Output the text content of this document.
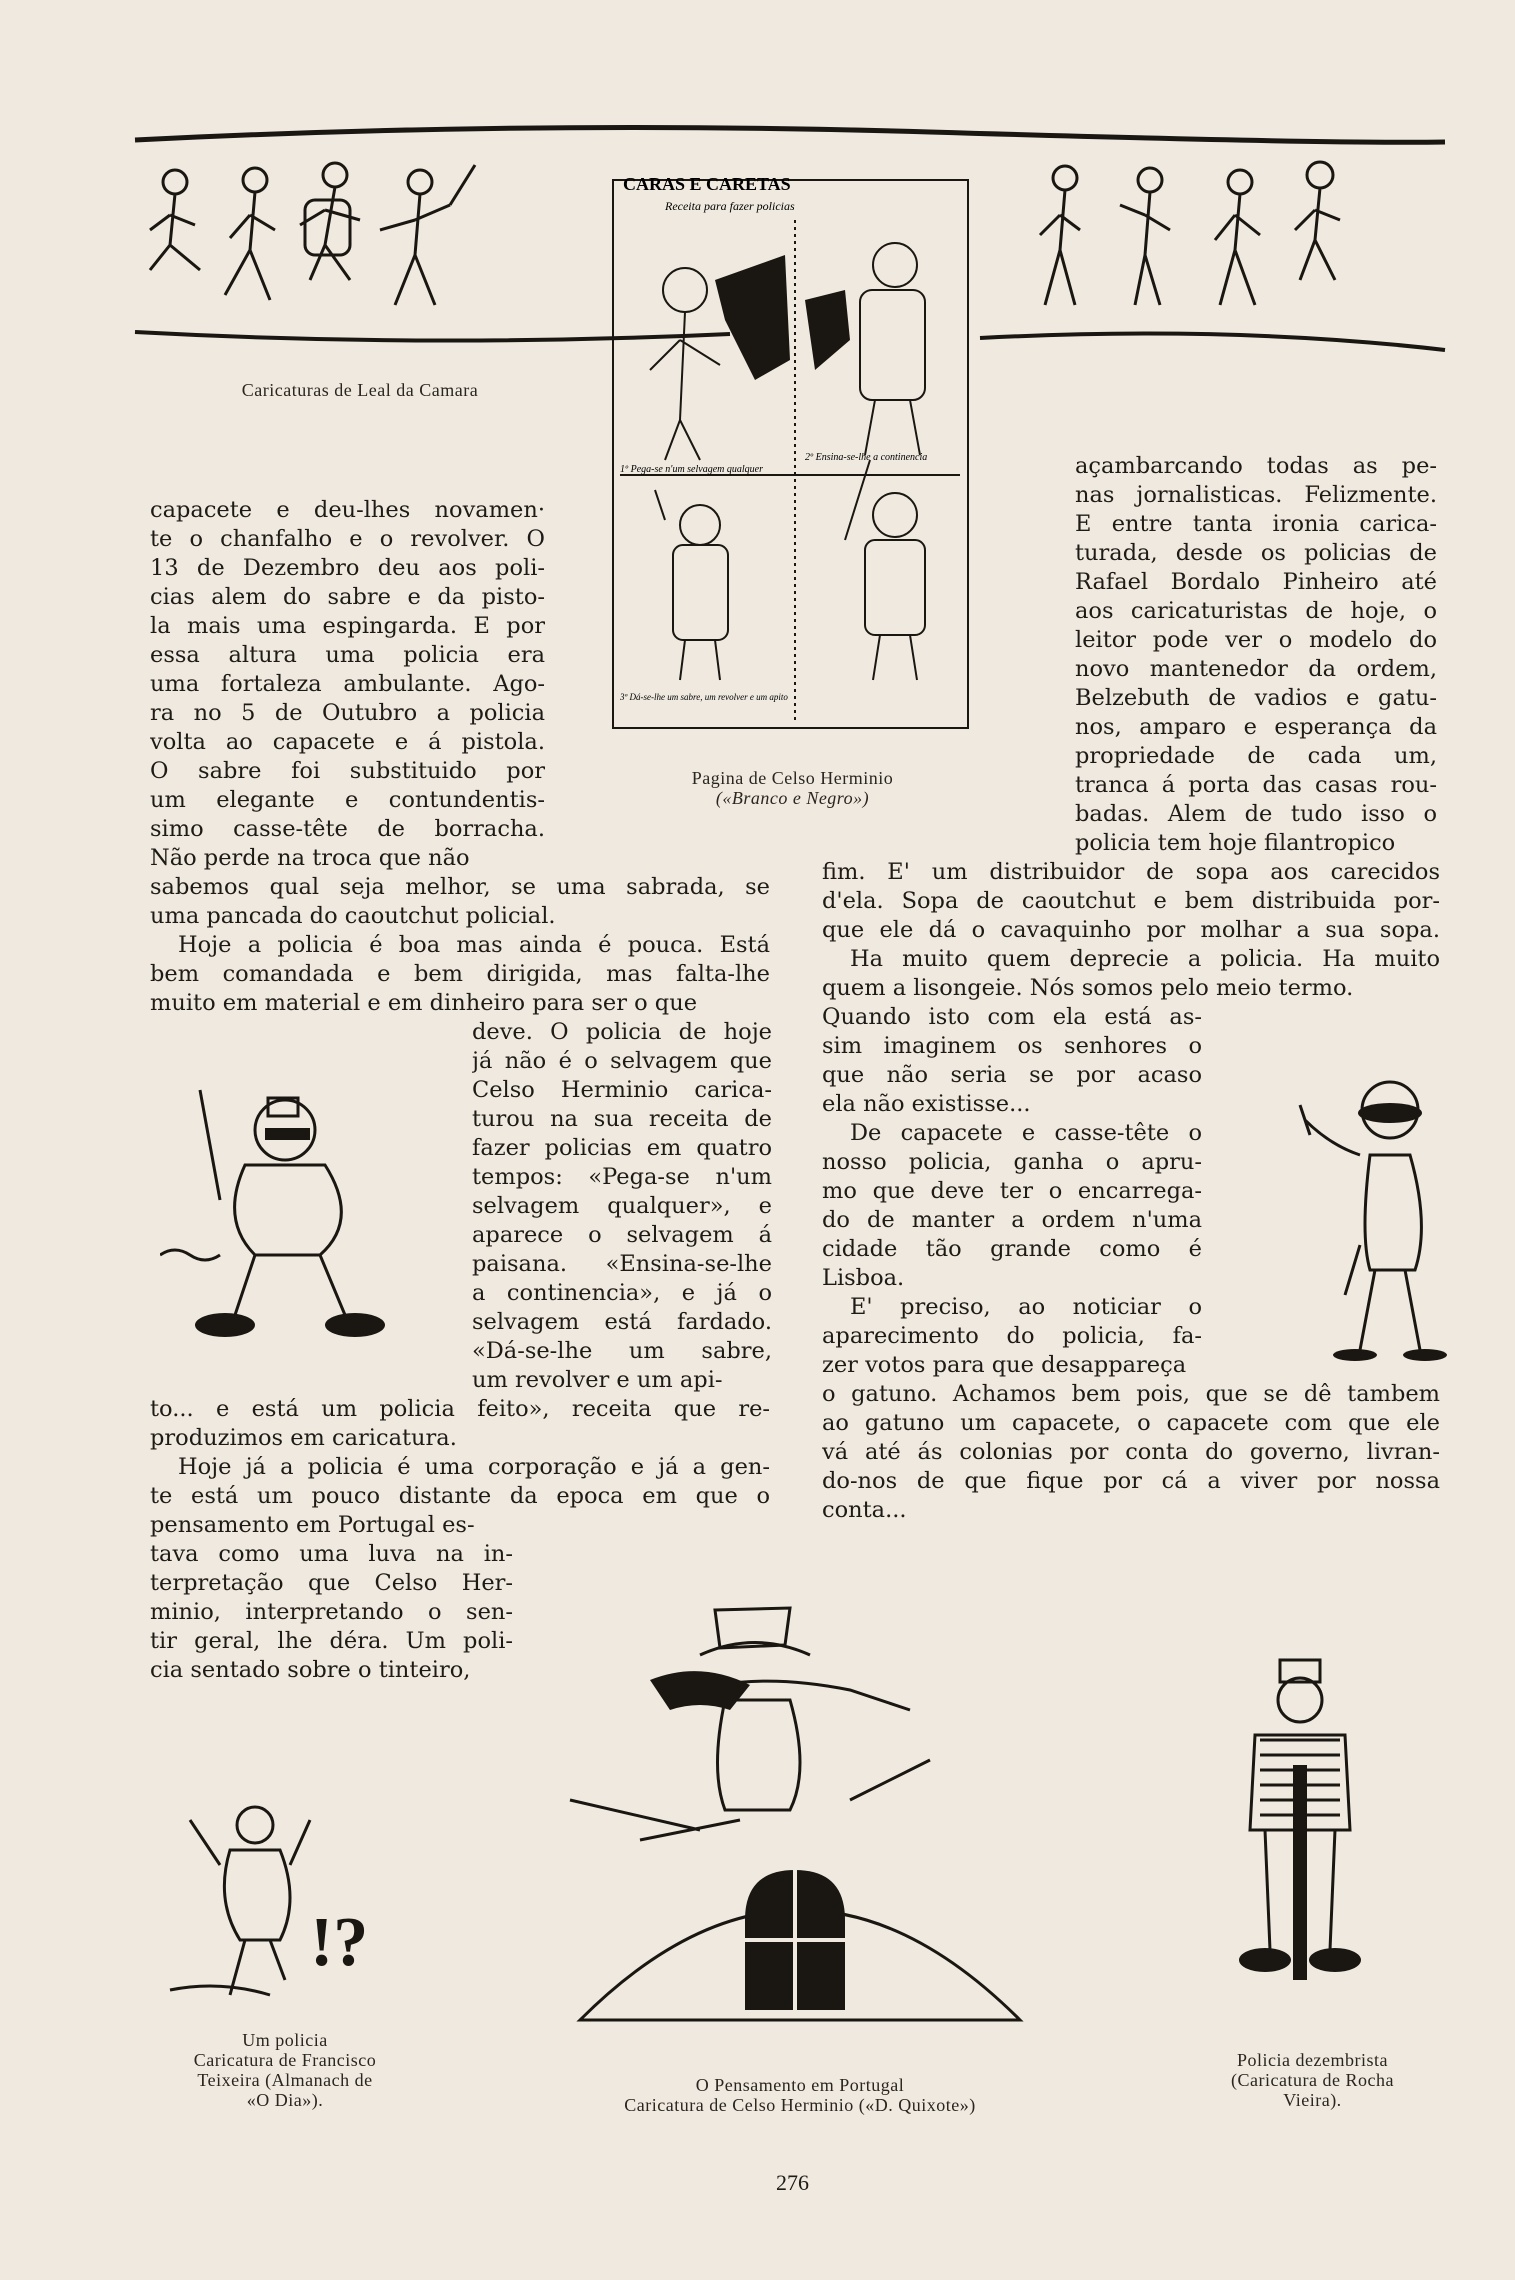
CARAS E CARETAS
Receita para fazer policias
1º Pega-se n'um selvagem qualquer
2º Ensina-se-lhe a continencia
3º Dá-se-lhe um sabre, um revolver e um apito
!?
Caricaturas de Leal da Camara
Pagina de Celso Herminio
(«Branco e Negro»)
Um policia
Caricatura de Francisco
Teixeira (Almanach de
«O Dia»).
O Pensamento em Portugal
Caricatura de Celso Herminio («D. Quixote»)
Policia dezembrista
(Caricatura de Rocha
Vieira).
capacete e deu-lhes novamen·
te o chanfalho e o revolver. O
13 de Dezembro deu aos poli-
cias alem do sabre e da pisto-
la mais uma espingarda. E por
essa altura uma policia era
uma fortaleza ambulante. Ago-
ra no 5 de Outubro a policia
volta ao capacete e á pistola.
O sabre foi substituido por
um elegante e contundentis-
simo casse-tête de borracha.
Não perde na troca que não
sabemos qual seja melhor, se uma sabrada, se
uma pancada do caoutchut policial.
Hoje a policia é boa mas ainda é pouca. Está
bem comandada e bem dirigida, mas falta-lhe
muito em material e em dinheiro para ser o que
deve. O policia de hoje
já não é o selvagem que
Celso Herminio carica-
turou na sua receita de
fazer policias em quatro
tempos: «Pega-se n'um
selvagem qualquer», e
aparece o selvagem á
paisana. «Ensina-se-lhe
a continencia», e já o
selvagem está fardado.
«Dá-se-lhe um sabre,
um revolver e um api-
to... e está um policia feito», receita que re-
produzimos em caricatura.
Hoje já a policia é uma corporação e já a gen-
te está um pouco distante da epoca em que o
pensamento em Portugal es-
tava como uma luva na in-
terpretação que Celso Her-
minio, interpretando o sen-
tir geral, lhe déra. Um poli-
cia sentado sobre o tinteiro,
açambarcando todas as pe-
nas jornalisticas. Felizmente.
E entre tanta ironia carica-
turada, desde os policias de
Rafael Bordalo Pinheiro até
aos caricaturistas de hoje, o
leitor pode ver o modelo do
novo mantenedor da ordem,
Belzebuth de vadios e gatu-
nos, amparo e esperança da
propriedade de cada um,
tranca á porta das casas rou-
badas. Alem de tudo isso o
policia tem hoje filantropico
fim. E' um distribuidor de sopa aos carecidos
d'ela. Sopa de caoutchut e bem distribuida por-
que ele dá o cavaquinho por molhar a sua sopa.
Ha muito quem deprecie a policia. Ha muito
quem a lisongeie. Nós somos pelo meio termo.
Quando isto com ela está as-
sim imaginem os senhores o
que não seria se por acaso
ela não existisse...
De capacete e casse-tête o
nosso policia, ganha o apru-
mo que deve ter o encarrega-
do de manter a ordem n'uma
cidade tão grande como é
Lisboa.
E' preciso, ao noticiar o
aparecimento do policia, fa-
zer votos para que desappareça
o gatuno. Achamos bem pois, que se dê tambem
ao gatuno um capacete, o capacete com que ele
vá até ás colonias por conta do governo, livran-
do-nos de que fique por cá a viver por nossa
conta...
276
